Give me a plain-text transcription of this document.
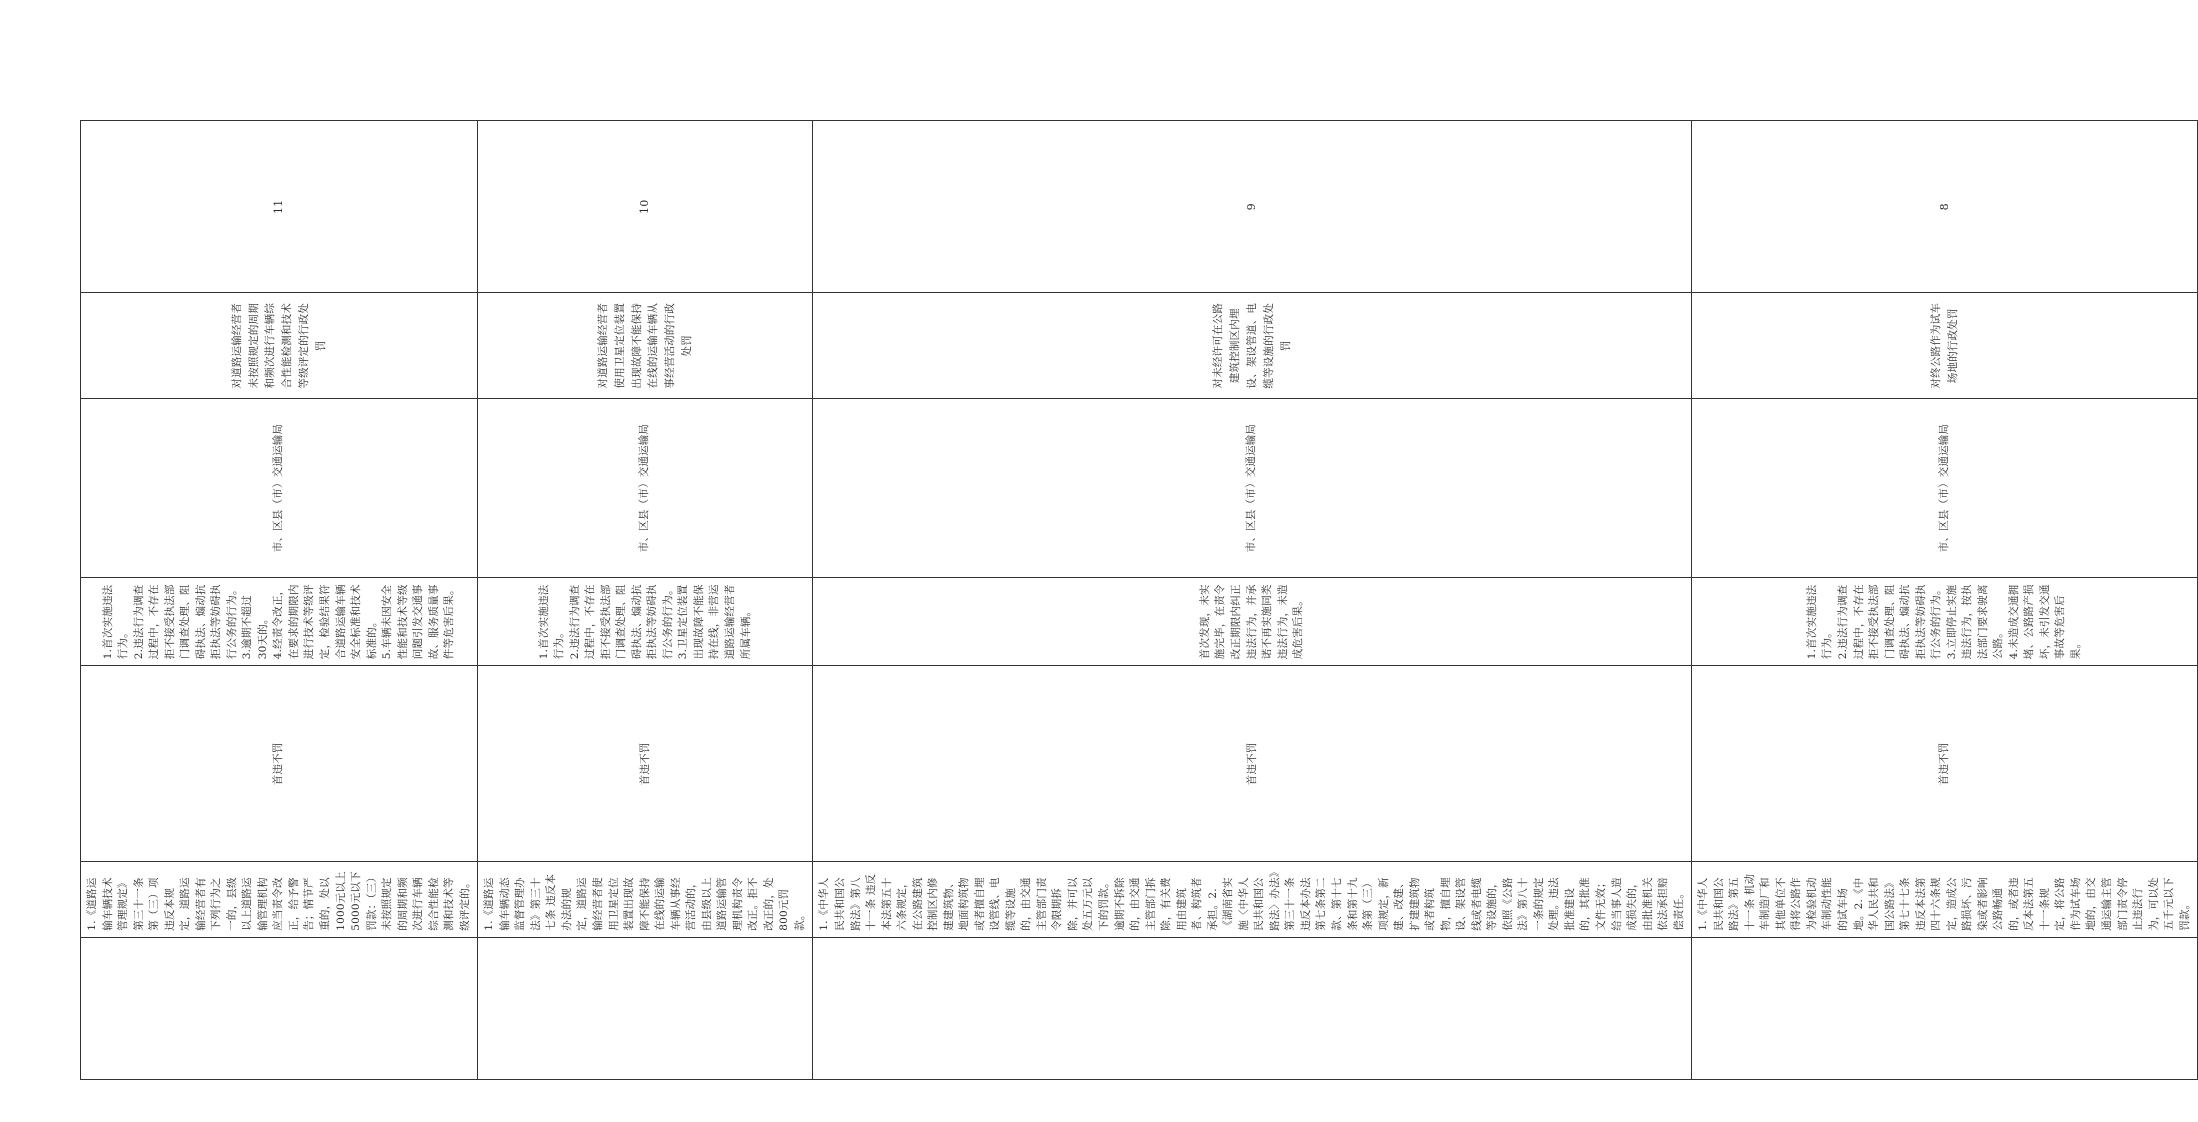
	1.《道路运输车辆技术管理规定》第三十一条第（三）项 违反本规定，道路运输经营者有下列行为之一的，县级以上道路运输管理机构应当责令改正，给予警告；情节严重的，处以1000元以上5000元以下罚款：（三）未按照规定的周期和频次进行车辆综合性能检测和技术等级评定的。	首违不罚	1.首次实施违法行为。 2.违法行为调查过程中，不存在拒不接受执法部门调查处理、阻碍执法、煽动抗拒执法等妨碍执行公务的行为。 3.逾期不超过30天的。 4.经责令改正，在要求的期限内进行技术等级评定，检验结果符合道路运输车辆安全标准和技术标准的。 5.车辆未因安全性能和技术等级问题引发交通事故、服务质量事件等危害后果。	市、区县（市）交通运输局	对道路运输经营者未按照规定的周期和频次进行车辆综合性能检测和技术等级评定的行政处罚	11
	1.《道路运输车辆动态监督管理办法》第三十七条 违反本办法的规定，道路运输经营者使用卫星定位装置出现故障不能保持在线的运输车辆从事经营活动的，由县级以上道路运输管理机构责令改正。拒不改正的，处800元罚款。	首违不罚	1.首次实施违法行为。 2.违法行为调查过程中，不存在拒不接受执法部门调查处理、阻碍执法、煽动抗拒执法等妨碍执行公务的行为。 3.卫星定位装置出现故障不能保持在线，非营运道路运输经营者所属车辆。	市、区县（市）交通运输局	对道路运输经营者使用卫星定位装置出现故障不能保持在线的运输车辆从事经营活动的行政处罚	10
	1.《中华人民共和国公路法》第八十一条 违反本法第五十六条规定，在公路建筑控制区内修建建筑物、地面构筑物或者擅自埋设管线、电缆等设施的，由交通主管部门责令限期拆除，并可以处五万元以下的罚款。逾期不拆除的，由交通主管部门拆除，有关费用由建筑者、构筑者承担。2.《湖南省实施〈中华人民共和国公路法〉办法》第三十一条 违反本办法第七条第二款、第十七条和第十九条第（三）项规定，新建、改建、扩建建筑物或者构筑物，擅自埋设、架设管线或者电缆等设施的，依照《公路法》第八十一条的规定处理。违法批准建设的，其批准文件无效；给当事人造成损失的，由批准机关依法承担赔偿责任。	首违不罚	首次发现，未实施完毕，在责令改正期限内纠正违法行为，并承诺不再实施同类违法行为，未造成危害后果。	市、区县（市）交通运输局	对未经许可在公路建筑控制区内埋设、架设管道、电缆等设施的行政处罚	9
	1.《中华人民共和国公路法》第五十一条 机动车制造厂和其他单位不得将公路作为检验机动车制动性能的试车场地。2.《中华人民共和国公路法》第七十七条 违反本法第四十六条规定，造成公路损坏、污染或者影响公路畅通的，或者违反本法第五十一条规定，将公路作为试车场地的，由交通运输主管部门责令停止违法行为，可以处五千元以下罚款。	首违不罚	1.首次实施违法行为。 2.违法行为调查过程中，不存在拒不接受执法部门调查处理、阻碍执法、煽动抗拒执法等妨碍执行公务的行为。 3.立即停止实施违法行为，按执法部门要求驶离公路。 4.未造成交通拥堵、公路路产损坏，未引发交通事故等危害后果。	市、区县（市）交通运输局	对终公路作为试车场地的行政处罚	8
